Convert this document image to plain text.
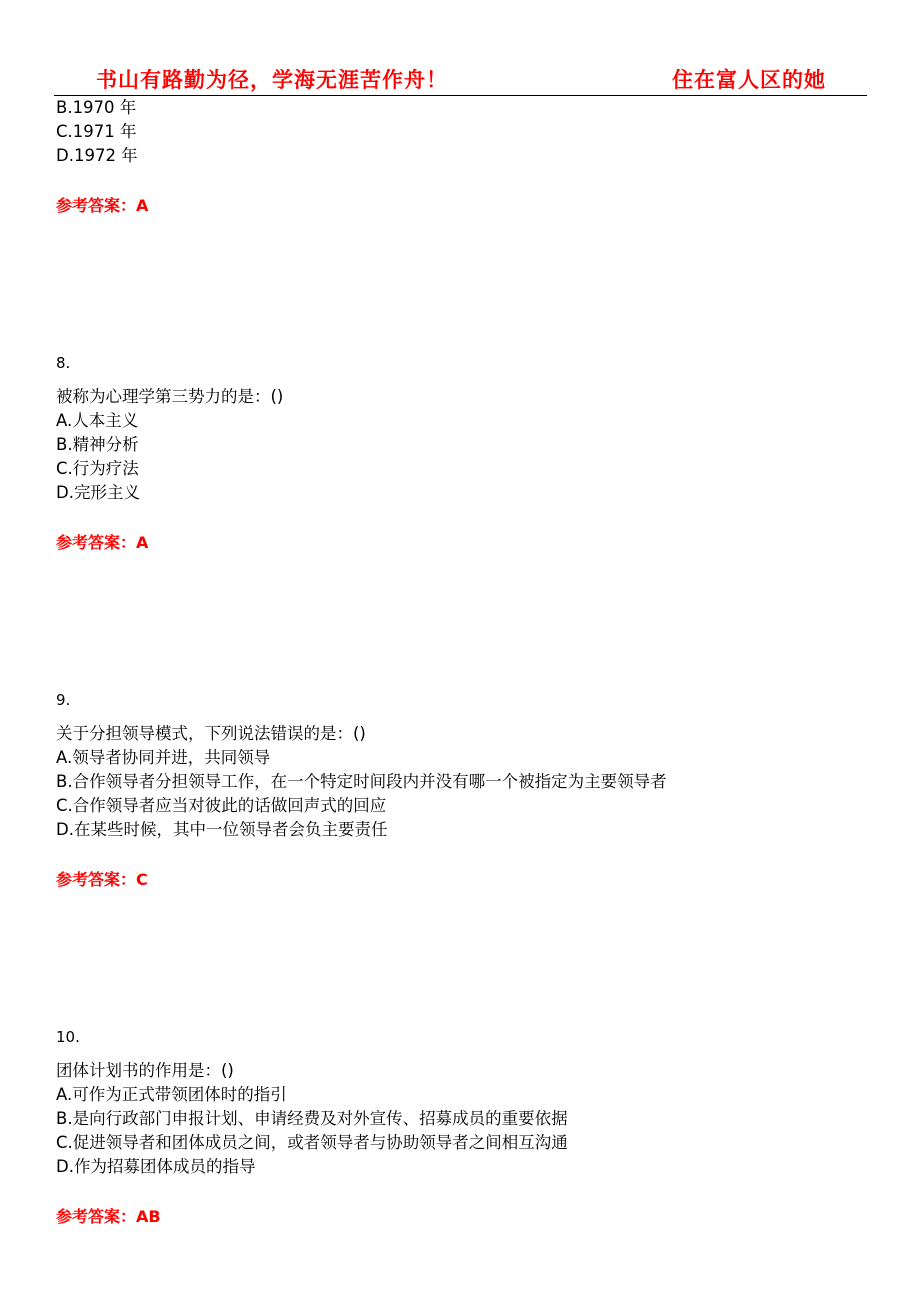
书山有路勤为径，学海无涯苦作舟！	住在富人区的她
B.1970 年
C.1971 年
D.1972 年
参考答案：A
8.
被称为心理学第三势力的是：()
A.人本主义
B.精神分析
C.行为疗法
D.完形主义
参考答案：A
9.
关于分担领导模式，下列说法错误的是：()
A.领导者协同并进，共同领导
B.合作领导者分担领导工作，在一个特定时间段内并没有哪一个被指定为主要领导者
C.合作领导者应当对彼此的话做回声式的回应
D.在某些时候，其中一位领导者会负主要责任
参考答案：C
10.
团体计划书的作用是：()
A.可作为正式带领团体时的指引
B.是向行政部门申报计划、申请经费及对外宣传、招募成员的重要依据
C.促进领导者和团体成员之间，或者领导者与协助领导者之间相互沟通
D.作为招募团体成员的指导
参考答案：AB
